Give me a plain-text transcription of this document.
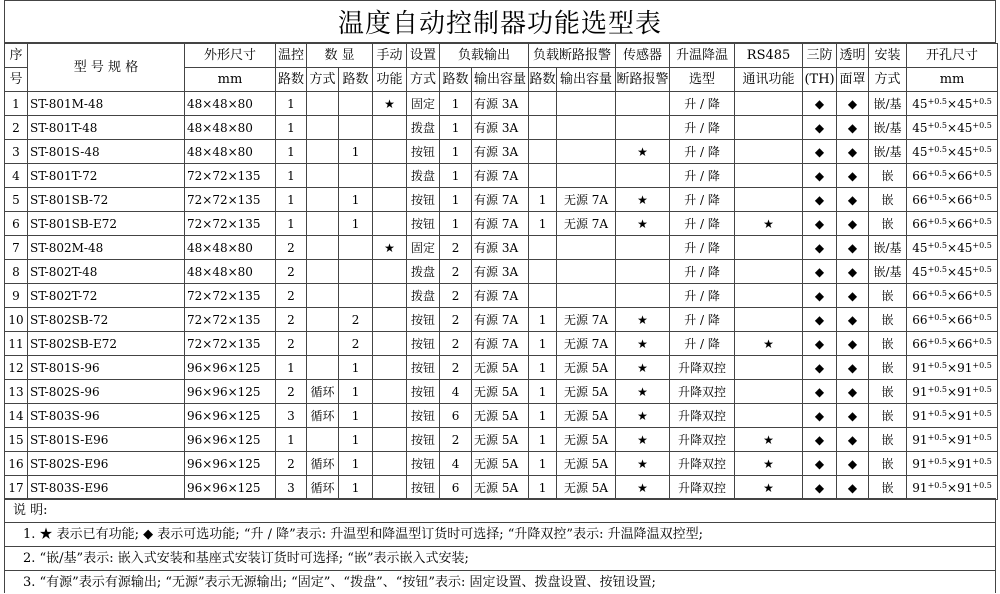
温度自动控制器功能选型表
序	型 号 规 格	外形尺寸	温控	数 显		手动	设置	负载输出		负载断路报警		传感器	升温降温	RS485	三防	透明	安装	开孔尺寸
号		mm	路数	方式	路数	功能	方式	路数	输出容量	路数	输出容量	断路报警	选型	通讯功能	(TH)	面罩	方式	mm
1	ST-801M-48	48×48×80	1			★	固定	1	有源 3A				升 / 降		◆	◆	嵌/基	$45^{+0.5}\times 45^{+0.5}$
2	ST-801T-48	48×48×80	1				拨盘	1	有源 3A				升 / 降		◆	◆	嵌/基	$45^{+0.5}\times 45^{+0.5}$
3	ST-801S-48	48×48×80	1		1		按钮	1	有源 3A			★	升 / 降		◆	◆	嵌/基	$45^{+0.5}\times 45^{+0.5}$
4	ST-801T-72	72×72×135	1				拨盘	1	有源 7A				升 / 降		◆	◆	嵌	$66^{+0.5}\times 66^{+0.5}$
5	ST-801SB-72	72×72×135	1		1		按钮	1	有源 7A	1	无源 7A	★	升 / 降		◆	◆	嵌	$66^{+0.5}\times 66^{+0.5}$
6	ST-801SB-E72	72×72×135	1		1		按钮	1	有源 7A	1	无源 7A	★	升 / 降	★	◆	◆	嵌	$66^{+0.5}\times 66^{+0.5}$
7	ST-802M-48	48×48×80	2			★	固定	2	有源 3A				升 / 降		◆	◆	嵌/基	$45^{+0.5}\times 45^{+0.5}$
8	ST-802T-48	48×48×80	2				拨盘	2	有源 3A				升 / 降		◆	◆	嵌/基	$45^{+0.5}\times 45^{+0.5}$
9	ST-802T-72	72×72×135	2				拨盘	2	有源 7A				升 / 降		◆	◆	嵌	$66^{+0.5}\times 66^{+0.5}$
10	ST-802SB-72	72×72×135	2		2		按钮	2	有源 7A	1	无源 7A	★	升 / 降		◆	◆	嵌	$66^{+0.5}\times 66^{+0.5}$
11	ST-802SB-E72	72×72×135	2		2		按钮	2	有源 7A	1	无源 7A	★	升 / 降	★	◆	◆	嵌	$66^{+0.5}\times 66^{+0.5}$
12	ST-801S-96	96×96×125	1		1		按钮	2	无源 5A	1	无源 5A	★	升降双控		◆	◆	嵌	$91^{+0.5}\times 91^{+0.5}$
13	ST-802S-96	96×96×125	2	循环	1		按钮	4	无源 5A	1	无源 5A	★	升降双控		◆	◆	嵌	$91^{+0.5}\times 91^{+0.5}$
14	ST-803S-96	96×96×125	3	循环	1		按钮	6	无源 5A	1	无源 5A	★	升降双控		◆	◆	嵌	$91^{+0.5}\times 91^{+0.5}$
15	ST-801S-E96	96×96×125	1		1		按钮	2	无源 5A	1	无源 5A	★	升降双控	★	◆	◆	嵌	$91^{+0.5}\times 91^{+0.5}$
16	ST-802S-E96	96×96×125	2	循环	1		按钮	4	无源 5A	1	无源 5A	★	升降双控	★	◆	◆	嵌	$91^{+0.5}\times 91^{+0.5}$
17	ST-803S-E96	96×96×125	3	循环	1		按钮	6	无源 5A	1	无源 5A	★	升降双控	★	◆	◆	嵌	$91^{+0.5}\times 91^{+0.5}$
说 明:
1. ★ 表示已有功能; ◆ 表示可选功能; “升 / 降”表示: 升温型和降温型订货时可选择; “升降双控”表示: 升温降温双控型;
2. “嵌/基”表示: 嵌入式安装和基座式安装订货时可选择; “嵌”表示嵌入式安装;
3. “有源”表示有源输出; “无源”表示无源输出; “固定”、“拨盘”、“按钮”表示: 固定设置、拨盘设置、按钮设置;
